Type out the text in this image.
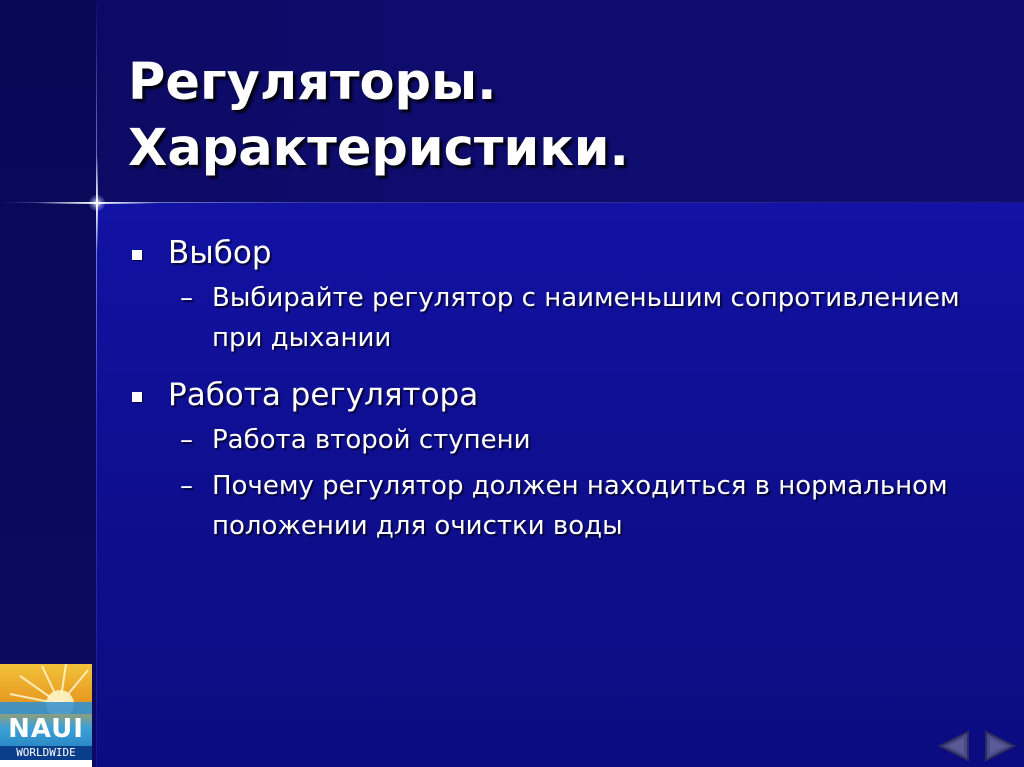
Регуляторы.
Характеристики.
Выбор
– Выбирайте регулятор с наименьшим сопротивлением при дыхании
Работа регулятора
– Работа второй ступени
– Почему регулятор должен находиться в нормальном положении для очистки воды
NAUI
WORLDWIDE
